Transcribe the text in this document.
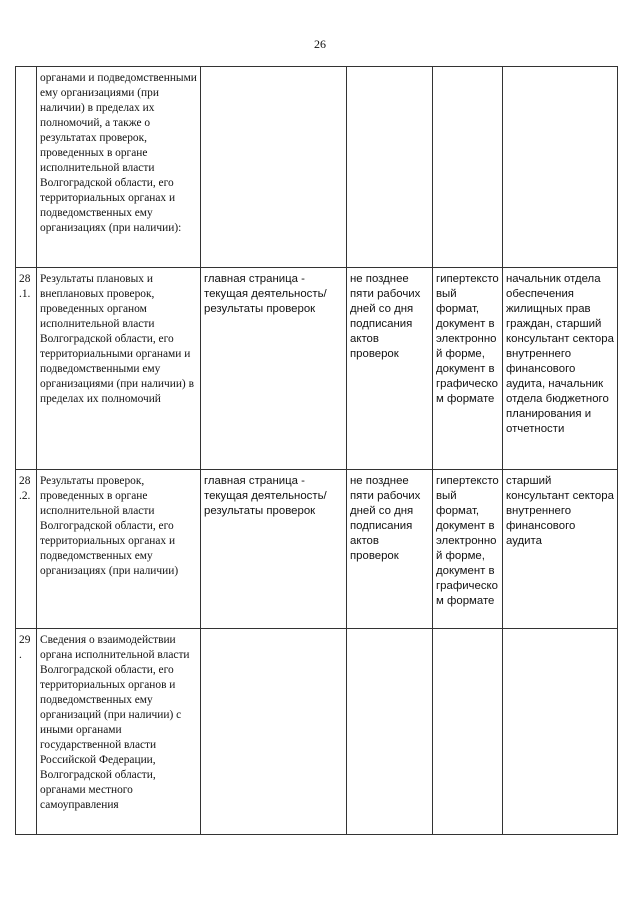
26
	органами и подведомственными ему организациями (при наличии) в пределах их полномочий, а также о результатах проверок, проведенных в органе исполнительной власти Волгоградской области, его территориальных органах и подведомственных ему организациях (при наличии):				
28.1.	Результаты плановых и внеплановых проверок, проведенных органом исполнительной власти Волгоградской области, его территориальными органами и подведомственными ему организациями (при наличии) в пределах их полномочий	главная страница - текущая деятельность/результаты проверок	не позднее пяти рабочих дней со дня подписания актов проверок	гипертекстовый формат, документ в электронной форме, документ в графическом формате	начальник отдела обеспечения жилищных прав граждан, старший консультант сектора внутреннего финансового аудита, начальник отдела бюджетного планирования и отчетности
28.2.	Результаты проверок, проведенных в органе исполнительной власти Волгоградской области, его территориальных органах и подведомственных ему организациях (при наличии)	главная страница - текущая деятельность/результаты проверок	не позднее пяти рабочих дней со дня подписания актов проверок	гипертекстовый формат, документ в электронной форме, документ в графическом формате	старший консультант сектора внутреннего финансового аудита
29.	Сведения о взаимодействии органа исполнительной власти Волгоградской области, его территориальных органов и подведомственных ему организаций (при наличии) с иными органами государственной власти Российской Федерации, Волгоградской области, органами местного самоуправления				
